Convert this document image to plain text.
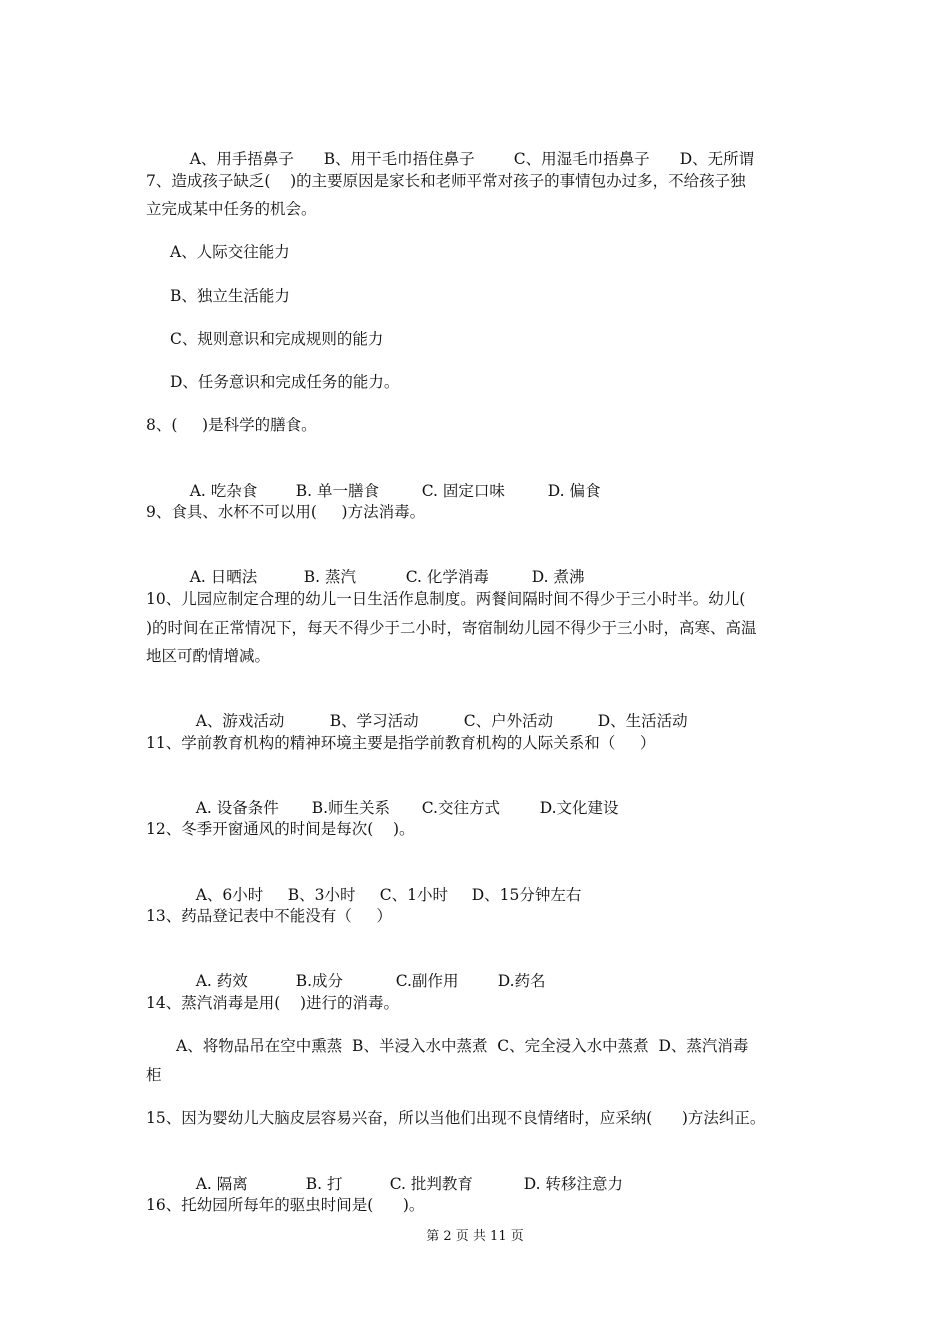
A、用手捂鼻子 B、用干毛巾捂住鼻子	C、用湿毛巾捂鼻子 D、无所谓

7、造成孩子缺乏(    )的主要原因是家长和老师平常对孩子的事情包办过多，不给孩子独
立完成某中任务的机会。
A、人际交往能力
B、独立生活能力
C、规则意识和完成规则的能力
D、任务意识和完成任务的能力。
8、(     )是科学的膳食。

A. 吃杂食 B. 单一膳食	C. 固定口味	D. 偏食

9、食具、水杯不可以用(     )方法消毒。

A. 日晒法	B. 蒸汽	C. 化学消毒	D. 煮沸

10、儿园应制定合理的幼儿一日生活作息制度。两餐间隔时间不得少于三小时半。幼儿(
)的时间在正常情况下，每天不得少于二小时，寄宿制幼儿园不得少于三小时，高寒、高温
地区可酌情增减。

A、游戏活动	B、学习活动	C、户外活动	D、生活活动

11、学前教育机构的精神环境主要是指学前教育机构的人际关系和（     ）

A. 设备条件 B.师生关系 C.交往方式	D.文化建设

12、冬季开窗通风的时间是每次(    )。

A、6小时 B、3小时 C、1小时 D、15分钟左右

13、药品登记表中不能没有（     ）

A. 药效	B.成分	C.副作用	D.药名

14、蒸汽消毒是用(    )进行的消毒。
A、将物品吊在空中熏蒸  B、半浸入水中蒸煮  C、完全浸入水中蒸煮  D、蒸汽消毒
柜
15、因为婴幼儿大脑皮层容易兴奋，所以当他们出现不良情绪时，应采纳(      )方法纠正。

A. 隔离	B. 打	C. 批判教育	D. 转移注意力

16、托幼园所每年的驱虫时间是(      )。
第 2 页 共 11 页
